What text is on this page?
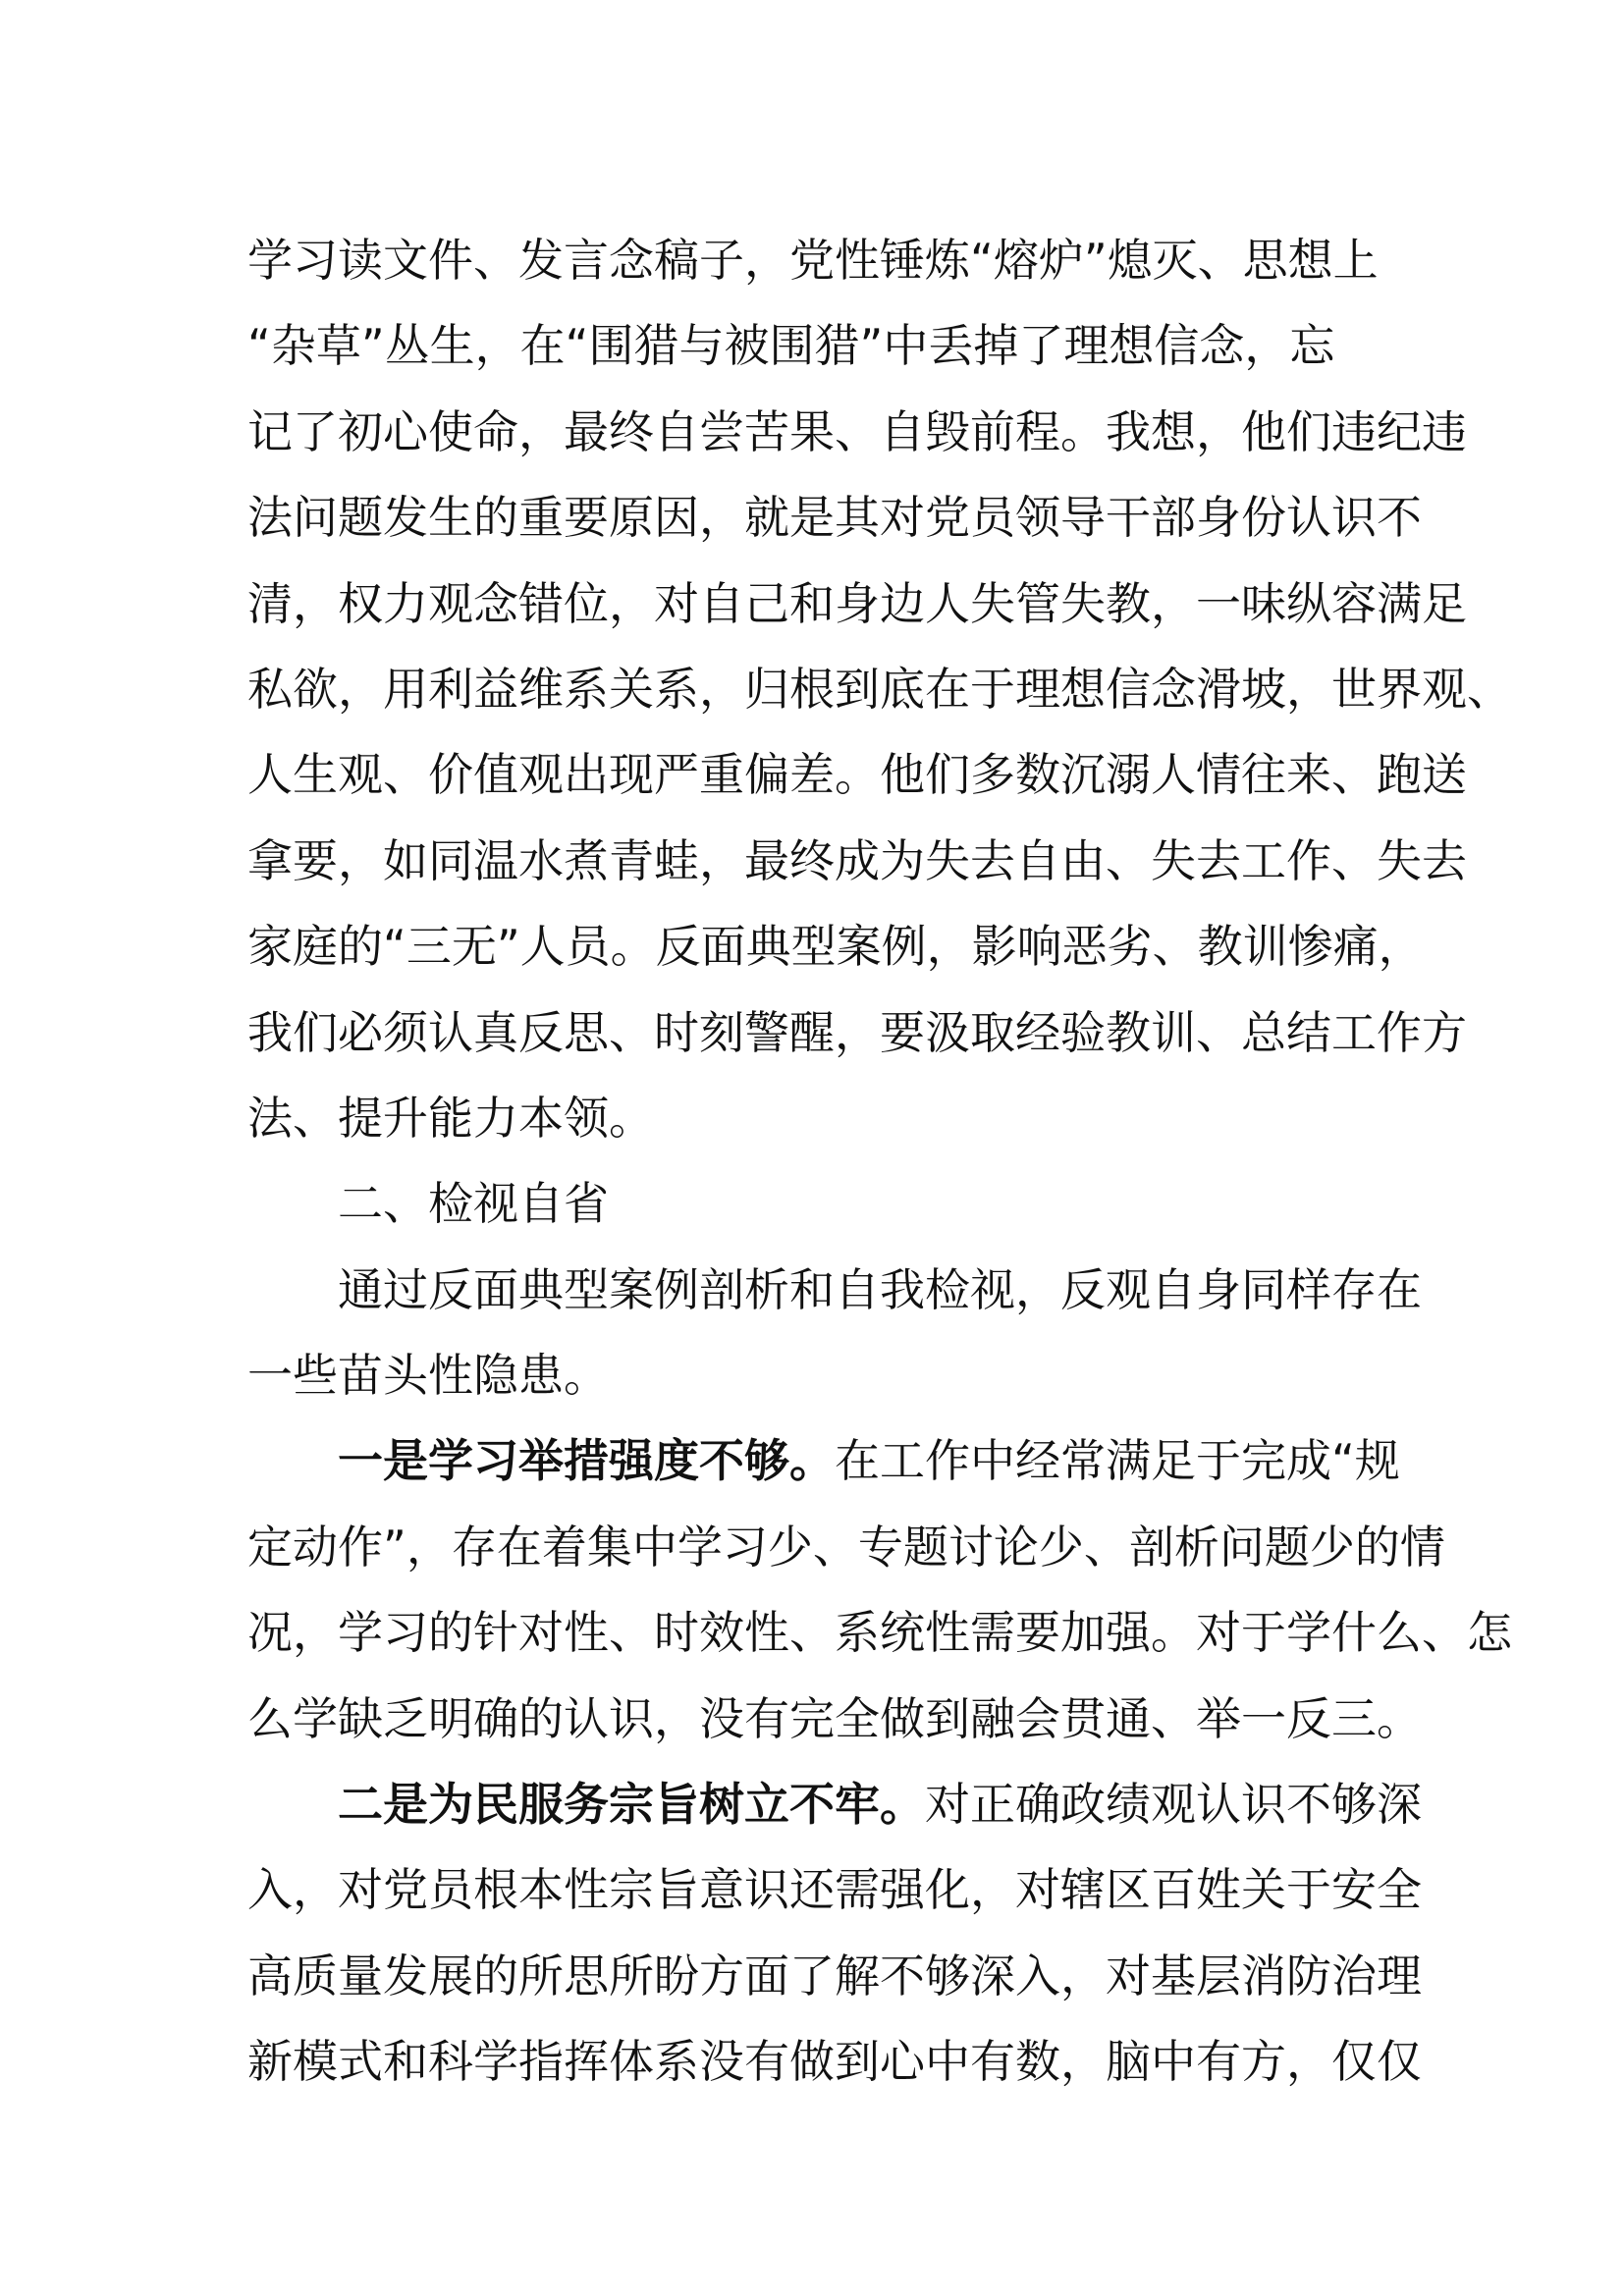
学习读文件、发言念稿子，党性锤炼“熔炉”熄灭、思想上
“杂草”丛生，在“围猎与被围猎”中丢掉了理想信念，忘
记了初心使命，最终自尝苦果、自毁前程。我想，他们违纪违
法问题发生的重要原因，就是其对党员领导干部身份认识不
清，权力观念错位，对自己和身边人失管失教，一味纵容满足
私欲，用利益维系关系，归根到底在于理想信念滑坡，世界观、
人生观、价值观出现严重偏差。他们多数沉溺人情往来、跑送
拿要，如同温水煮青蛙，最终成为失去自由、失去工作、失去
家庭的“三无”人员。反面典型案例，影响恶劣、教训惨痛，
我们必须认真反思、时刻警醒，要汲取经验教训、总结工作方
法、提升能力本领。
二、检视自省
通过反面典型案例剖析和自我检视，反观自身同样存在
一些苗头性隐患。
一是学习举措强度不够。在工作中经常满足于完成“规
定动作”，存在着集中学习少、专题讨论少、剖析问题少的情
况，学习的针对性、时效性、系统性需要加强。对于学什么、怎
么学缺乏明确的认识，没有完全做到融会贯通、举一反三。
二是为民服务宗旨树立不牢。对正确政绩观认识不够深
入，对党员根本性宗旨意识还需强化，对辖区百姓关于安全
高质量发展的所思所盼方面了解不够深入，对基层消防治理
新模式和科学指挥体系没有做到心中有数，脑中有方，仅仅
